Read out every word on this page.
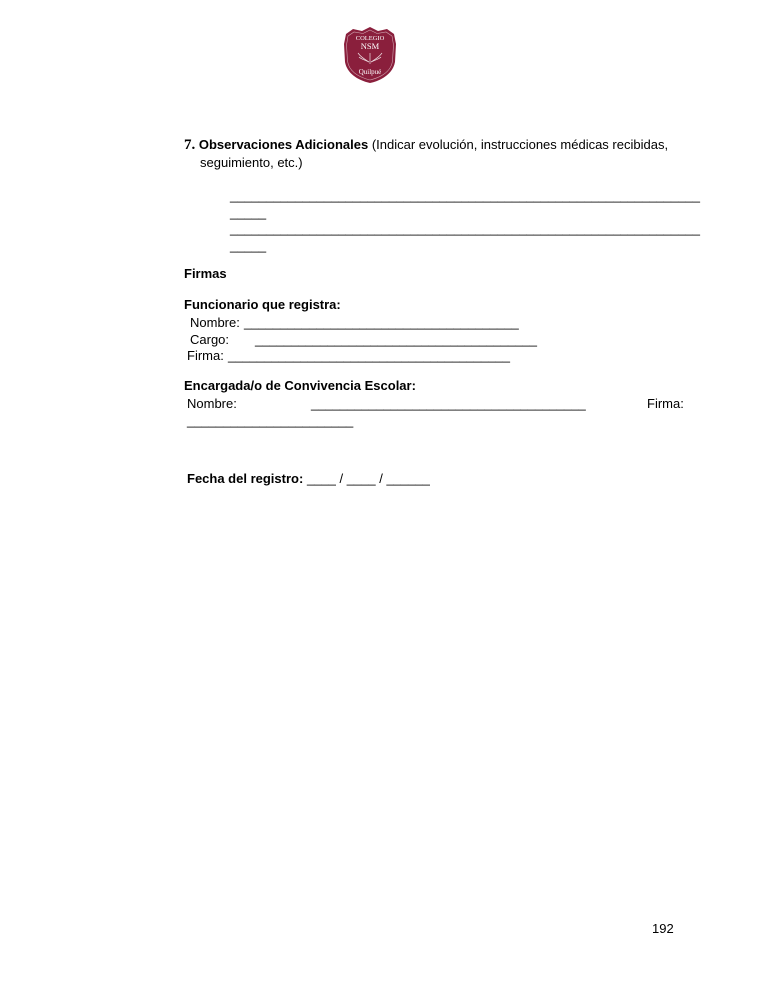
COLEGIO
NSM
Quilpué
7. Observaciones Adicionales (Indicar evolución, instrucciones médicas recibidas,
seguimiento, etc.)
_________________________________________________________________
_____
_________________________________________________________________
_____
Firmas
Funcionario que registra:
Nombre: ______________________________________
Cargo: _______________________________________
Firma: _______________________________________
Encargada/o de Convivencia Escolar:
Nombre:	______________________________________	Firma:
_______________________
Fecha del registro: ____ / ____ / ______
192
